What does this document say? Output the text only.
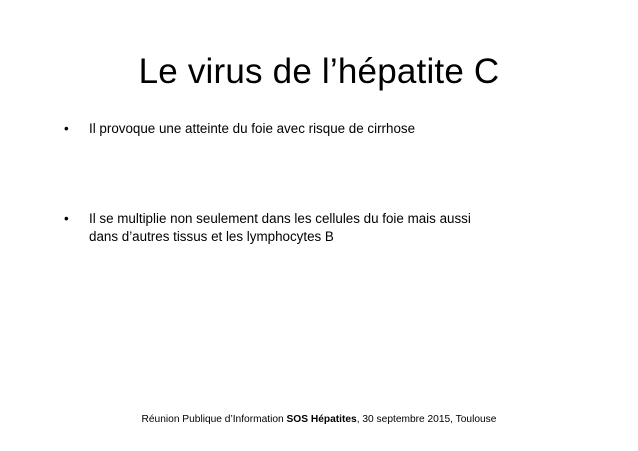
Le virus de l’hépatite C
•	Il provoque une atteinte du foie avec risque de cirrhose
•	Il se multiplie non seulement dans les cellules du foie mais aussi
dans d’autres tissus et les lymphocytes B
Réunion Publique d’Information SOS Hépatites, 30 septembre 2015, Toulouse
